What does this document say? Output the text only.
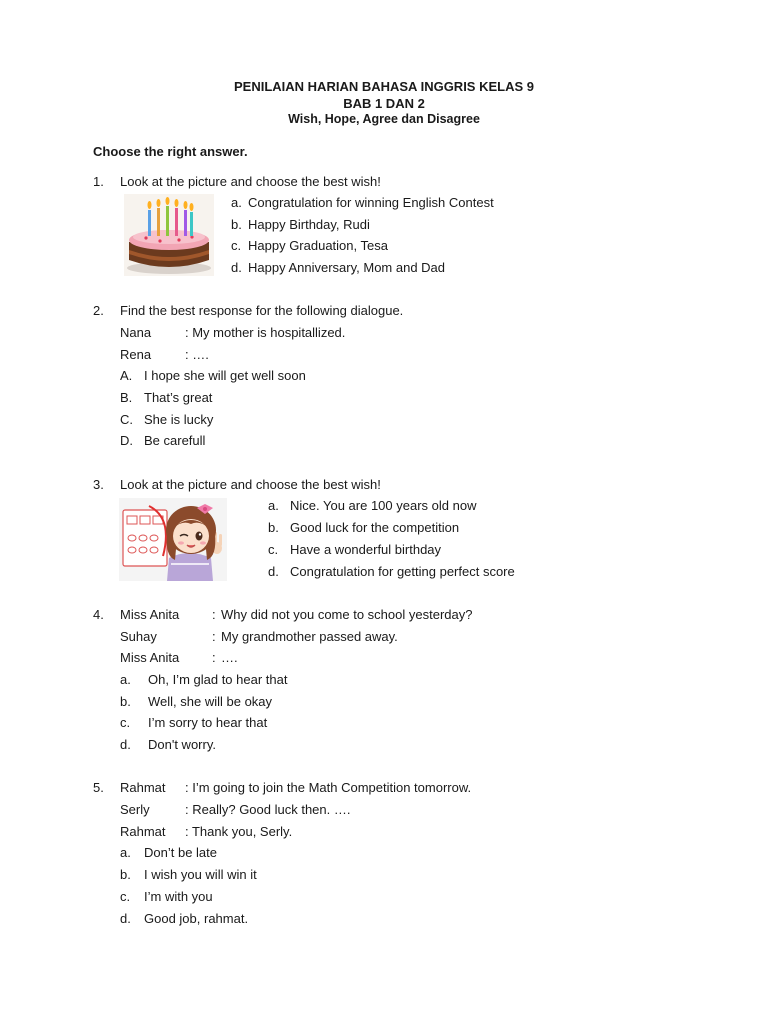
PENILAIAN HARIAN BAHASA INGGRIS KELAS 9
BAB 1 DAN 2
Wish, Hope, Agree dan Disagree
Choose the right answer.
1. Look at the picture and choose the best wish!
a. Congratulation for winning English Contest
b. Happy Birthday, Rudi
c. Happy Graduation, Tesa
d. Happy Anniversary, Mom and Dad
2. Find the best response for the following dialogue.
Nana	: My mother is hospitallized.
Rena	: ….
A. I hope she will get well soon
B. That’s great
C. She is lucky
D. Be carefull
3. Look at the picture and choose the best wish!
a. Nice. You are 100 years old now
b. Good luck for the competition
c. Have a wonderful birthday
d. Congratulation for getting perfect score
4. Miss Anita	: Why did not you come to school yesterday?
Suhay	: My grandmother passed away.
Miss Anita	: ….
a. Oh, I’m glad to hear that
b. Well, she will be okay
c. I’m sorry to hear that
d. Don't worry.
5. Rahmat : I’m going to join the Math Competition tomorrow.
Serly	: Really? Good luck then. ….
Rahmat : Thank you, Serly.
a. Don’t be late
b. I wish you will win it
c. I’m with you
d. Good job, rahmat.
